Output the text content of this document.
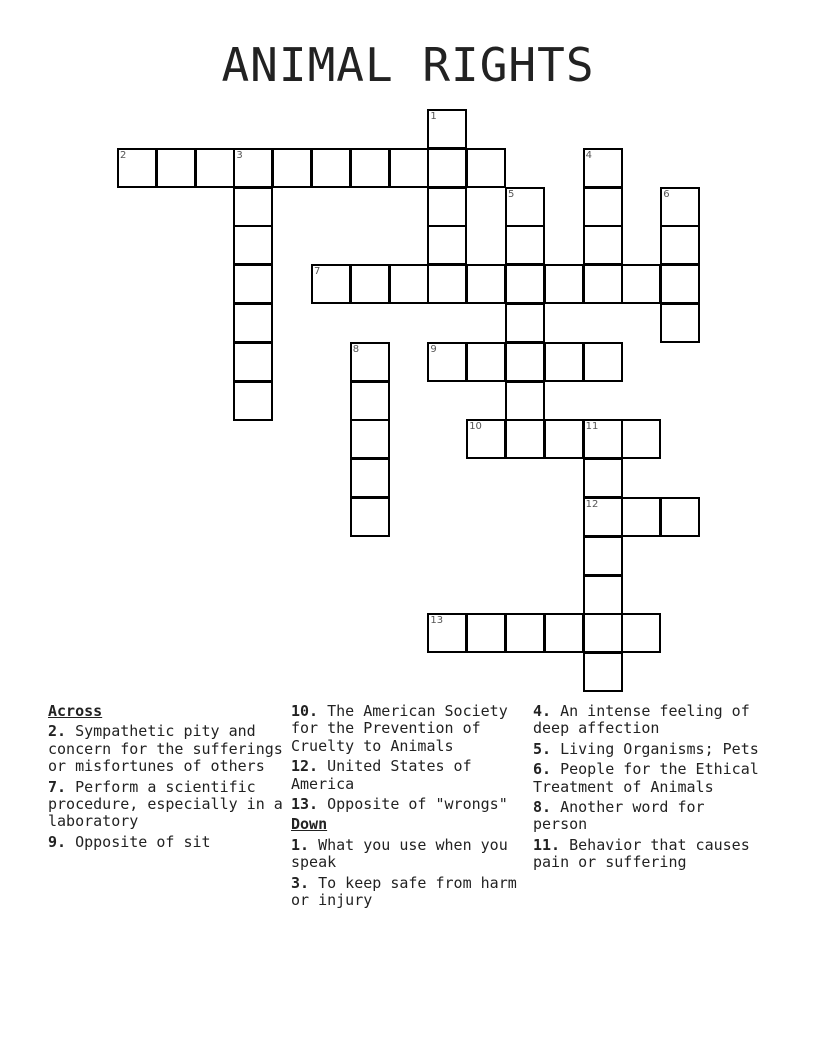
ANIMAL RIGHTS
1
2	3	4
5	6
7
8	9
10	11
12
13
Across
2. Sympathetic pity and concern for the sufferings or misfortunes of others
7. Perform a scientific procedure, especially in a laboratory
9. Opposite of sit
10. The American Society for the Prevention of Cruelty to Animals
12. United States of America
13. Opposite of "wrongs"
Down
1. What you use when you speak
3. To keep safe from harm or injury
4. An intense feeling of deep affection
5. Living Organisms; Pets
6. People for the Ethical Treatment of Animals
8. Another word for person
11. Behavior that causes pain or suffering
